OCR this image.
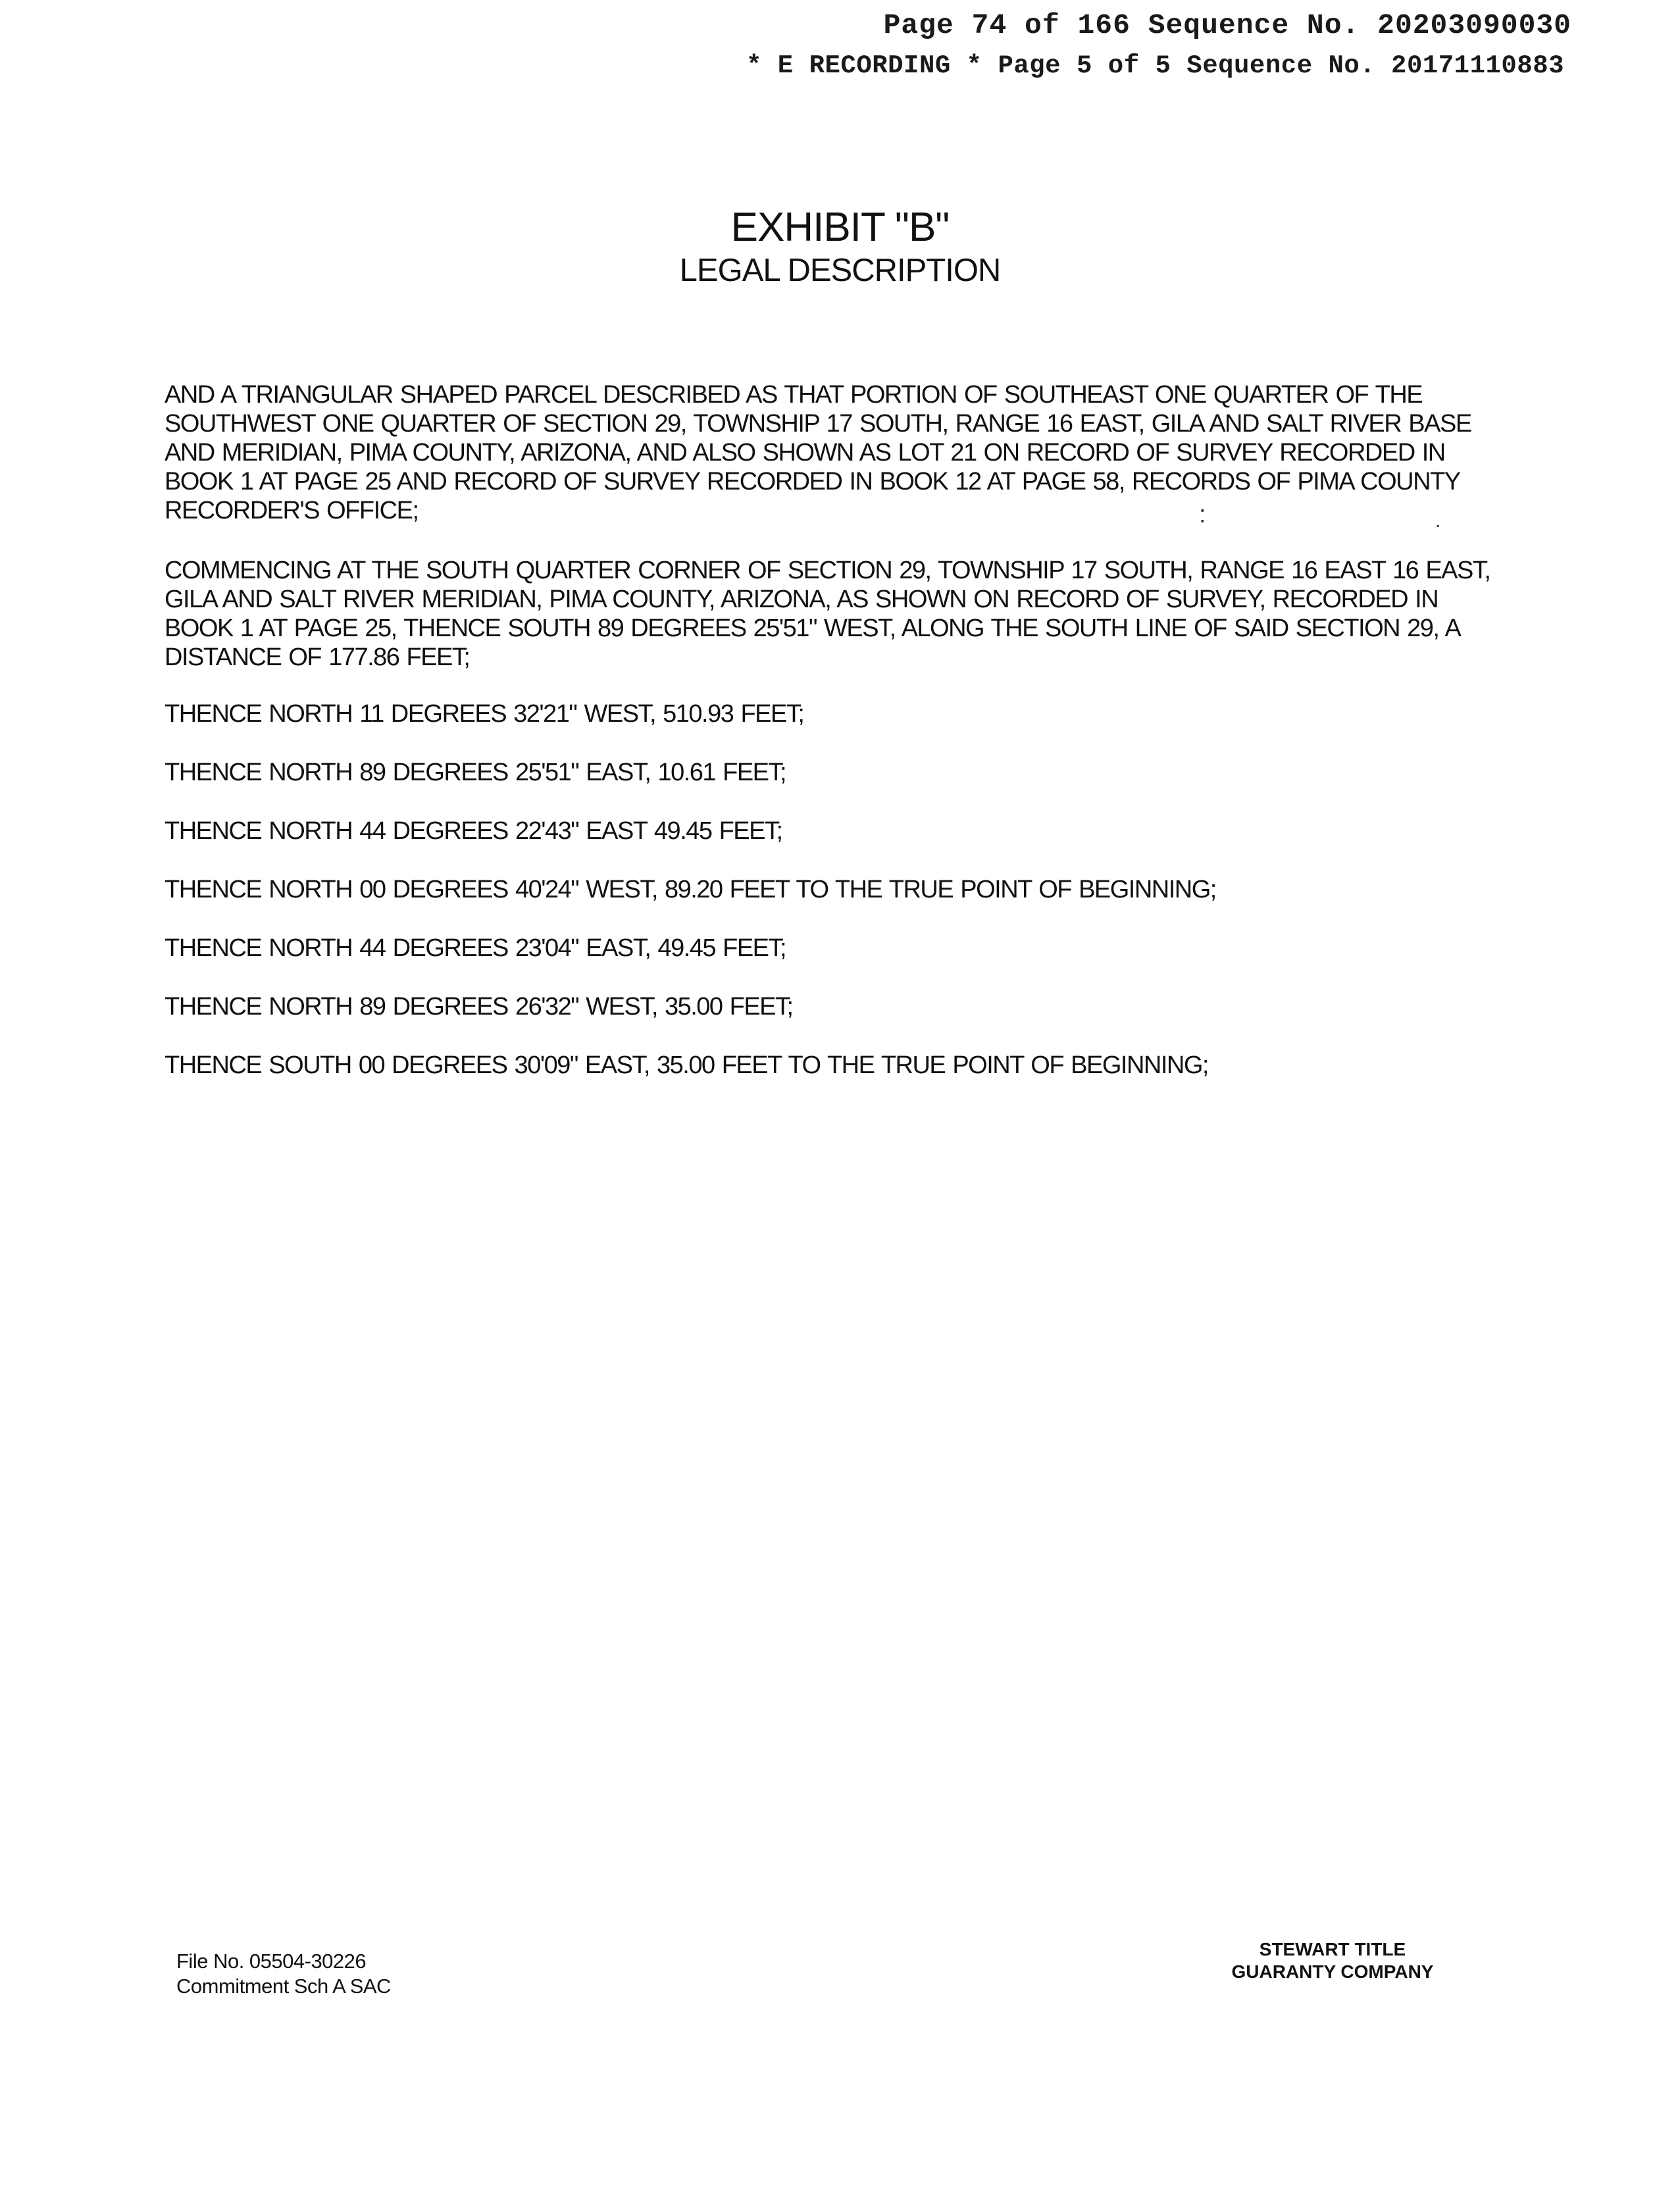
Page 74 of 166 Sequence No. 20203090030
* E RECORDING * Page 5 of 5 Sequence No. 20171110883
EXHIBIT "B"
LEGAL DESCRIPTION
AND A TRIANGULAR SHAPED PARCEL DESCRIBED AS THAT PORTION OF SOUTHEAST ONE QUARTER OF THE SOUTHWEST ONE QUARTER OF SECTION 29, TOWNSHIP 17 SOUTH, RANGE 16 EAST, GILA AND SALT RIVER BASE AND MERIDIAN, PIMA COUNTY, ARIZONA, AND ALSO SHOWN AS LOT 21 ON RECORD OF SURVEY RECORDED IN BOOK 1 AT PAGE 25 AND RECORD OF SURVEY RECORDED IN BOOK 12 AT PAGE 58, RECORDS OF PIMA COUNTY RECORDER'S OFFICE;	:	.
COMMENCING AT THE SOUTH QUARTER CORNER OF SECTION 29, TOWNSHIP 17 SOUTH, RANGE 16 EAST 16 EAST, GILA AND SALT RIVER MERIDIAN, PIMA COUNTY, ARIZONA, AS SHOWN ON RECORD OF SURVEY, RECORDED IN BOOK 1 AT PAGE 25, THENCE SOUTH 89 DEGREES 25'51" WEST, ALONG THE SOUTH LINE OF SAID SECTION 29, A DISTANCE OF 177.86 FEET;
THENCE NORTH 11 DEGREES 32'21" WEST, 510.93 FEET;
THENCE NORTH 89 DEGREES 25'51" EAST, 10.61 FEET;
THENCE NORTH 44 DEGREES 22'43" EAST 49.45 FEET;
THENCE NORTH 00 DEGREES 40'24" WEST, 89.20 FEET TO THE TRUE POINT OF BEGINNING;
THENCE NORTH 44 DEGREES 23'04" EAST, 49.45 FEET;
THENCE NORTH 89 DEGREES 26'32" WEST, 35.00 FEET;
THENCE SOUTH 00 DEGREES 30'09" EAST, 35.00 FEET TO THE TRUE POINT OF BEGINNING;
File No. 05504-30226
Commitment Sch A SAC
STEWART TITLE
GUARANTY COMPANY
